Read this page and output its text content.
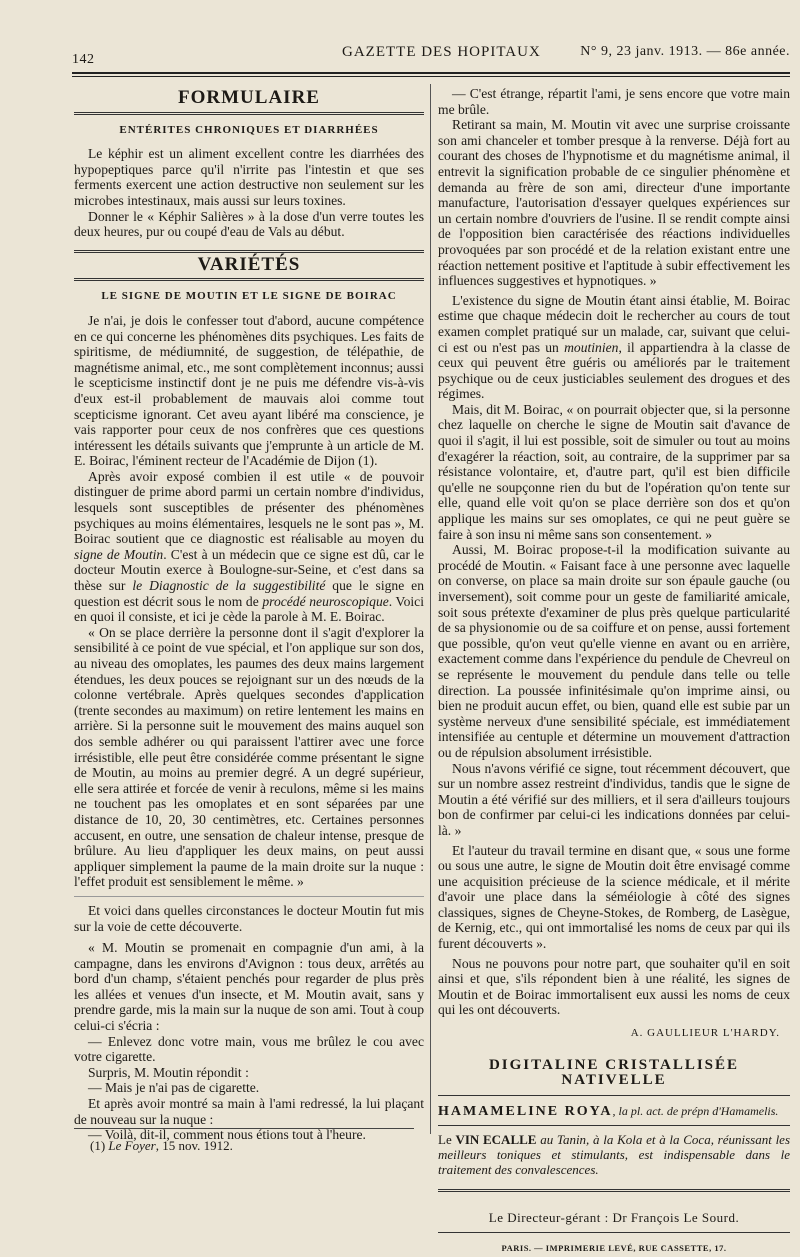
142	GAZETTE DES HOPITAUX	N° 9, 23 janv. 1913. — 86e année.
FORMULAIRE
ENTÉRITES CHRONIQUES ET DIARRHÉES

Le képhir est un aliment excellent contre les diarrhées des hypopeptiques parce qu'il n'irrite pas l'intestin et que ses ferments exercent une action destructive non seulement sur les microbes intestinaux, mais aussi sur leurs toxines.

Donner le « Képhir Salières » à la dose d'un verre toutes les deux heures, pur ou coupé d'eau de Vals au début.

VARIÉTÉS
LE SIGNE DE MOUTIN ET LE SIGNE DE BOIRAC

Je n'ai, je dois le confesser tout d'abord, aucune compétence en ce qui concerne les phénomènes dits psychiques. Les faits de spiritisme, de médiumnité, de suggestion, de télépathie, de magnétisme animal, etc., me sont complètement inconnus; aussi le scepticisme instinctif dont je ne puis me défendre vis-à-vis d'eux est-il probablement de mauvais aloi comme tout scepticisme ignorant. Cet aveu ayant libéré ma conscience, je vais rapporter pour ceux de nos confrères que ces questions intéressent les détails suivants que j'emprunte à un article de M. E. Boirac, l'éminent recteur de l'Académie de Dijon (1).

Après avoir exposé combien il est utile « de pouvoir distinguer de prime abord parmi un certain nombre d'individus, lesquels sont susceptibles de présenter des phénomènes psychiques au moins élémentaires, lesquels ne le sont pas », M. Boirac soutient que ce diagnostic est réalisable au moyen du signe de Moutin. C'est à un médecin que ce signe est dû, car le docteur Moutin exerce à Boulogne-sur-Seine, et c'est dans sa thèse sur le Diagnostic de la suggestibilité que le signe en question est décrit sous le nom de procédé neuroscopique. Voici en quoi il consiste, et ici je cède la parole à M. E. Boirac.

« On se place derrière la personne dont il s'agit d'explorer la sensibilité à ce point de vue spécial, et l'on applique sur son dos, au niveau des omoplates, les paumes des deux mains largement étendues, les deux pouces se rejoignant sur un des nœuds de la colonne vertébrale. Après quelques secondes d'application (trente secondes au maximum) on retire lentement les mains en arrière. Si la personne suit le mouvement des mains auquel son dos semble adhérer ou qui paraissent l'attirer avec une force irrésistible, elle peut être considérée comme présentant le signe de Moutin, au moins au premier degré. A un degré supérieur, elle sera attirée et forcée de venir à reculons, même si les mains ne touchent pas les omoplates et en sont séparées par une distance de 10, 20, 30 centimètres, etc. Certaines personnes accusent, en outre, une sensation de chaleur intense, presque de brûlure. Au lieu d'appliquer les deux mains, on peut aussi appliquer simplement la paume de la main droite sur la nuque : l'effet produit est sensiblement le même. »

Et voici dans quelles circonstances le docteur Moutin fut mis sur la voie de cette découverte.

« M. Moutin se promenait en compagnie d'un ami, à la campagne, dans les environs d'Avignon : tous deux, arrêtés au bord d'un champ, s'étaient penchés pour regarder de plus près les allées et venues d'un insecte, et M. Moutin avait, sans y prendre garde, mis la main sur la nuque de son ami. Tout à coup celui-ci s'écria :

— Enlevez donc votre main, vous me brûlez le cou avec votre cigarette.

Surpris, M. Moutin répondit :

— Mais je n'ai pas de cigarette.

Et après avoir montré sa main à l'ami redressé, la lui plaçant de nouveau sur la nuque :

— Voilà, dit-il, comment nous étions tout à l'heure.

(1) Le Foyer, 15 nov. 1912.

— C'est étrange, répartit l'ami, je sens encore que votre main me brûle.

Retirant sa main, M. Moutin vit avec une surprise croissante son ami chanceler et tomber presque à la renverse. Déjà fort au courant des choses de l'hypnotisme et du magnétisme animal, il entrevit la signification probable de ce singulier phénomène et demanda au frère de son ami, directeur d'une importante manufacture, l'autorisation d'essayer quelques expériences sur un certain nombre d'ouvriers de l'usine. Il se rendit compte ainsi de l'opposition bien caractérisée des réactions individuelles provoquées par son procédé et de la relation existant entre une réaction nettement positive et l'aptitude à subir effectivement les influences suggestives et hypnotiques. »

L'existence du signe de Moutin étant ainsi établie, M. Boirac estime que chaque médecin doit le rechercher au cours de tout examen complet pratiqué sur un malade, car, suivant que celui-ci est ou n'est pas un moutinien, il appartiendra à la classe de ceux qui peuvent être guéris ou améliorés par le traitement psychique ou de ceux justiciables seulement des drogues et des régimes.

Mais, dit M. Boirac, « on pourrait objecter que, si la personne chez laquelle on cherche le signe de Moutin sait d'avance de quoi il s'agit, il lui est possible, soit de simuler ou tout au moins d'exagérer la réaction, soit, au contraire, de la supprimer par sa résistance volontaire, et, d'autre part, qu'il est bien difficile qu'elle ne soupçonne rien du but de l'opération qu'on tente sur elle, quand elle voit qu'on se place derrière son dos et qu'on applique les mains sur ses omoplates, ce qui ne peut guère se faire à son insu ni même sans son consentement. »

Aussi, M. Boirac propose-t-il la modification suivante au procédé de Moutin. « Faisant face à une personne avec laquelle on converse, on place sa main droite sur son épaule gauche (ou inversement), soit comme pour un geste de familiarité amicale, soit sous prétexte d'examiner de plus près quelque particularité de sa physionomie ou de sa coiffure et on pense, aussi fortement que possible, qu'on veut qu'elle vienne en avant ou en arrière, exactement comme dans l'expérience du pendule de Chevreul on se représente le mouvement du pendule dans telle ou telle direction. La poussée infinitésimale qu'on imprime ainsi, ou bien ne produit aucun effet, ou bien, quand elle est subie par un système nerveux d'une sensibilité spéciale, est immédiatement intensifiée au centuple et détermine un mouvement d'attraction ou de répulsion absolument irrésistible.

Nous n'avons vérifié ce signe, tout récemment découvert, que sur un nombre assez restreint d'individus, tandis que le signe de Moutin a été vérifié sur des milliers, et il sera d'ailleurs toujours bon de confirmer par celui-ci les indications données par celui-là. »

Et l'auteur du travail termine en disant que, « sous une forme ou sous une autre, le signe de Moutin doit être envisagé comme une acquisition précieuse de la science médicale, et il mérite d'avoir une place dans la séméiologie à côté des signes classiques, signes de Cheyne-Stokes, de Romberg, de Lasègue, de Kernig, etc., qui ont immortalisé les noms de ceux par qui ils furent découverts ».

Nous ne pouvons pour notre part, que souhaiter qu'il en soit ainsi et que, s'ils répondent bien à une réalité, les signes de Moutin et de Boirac immortalisent eux aussi les noms de ceux qui les ont découverts.

A. GAULLIEUR L'HARDY.
DIGITALINE CRISTALLISÉE NATIVELLE
HAMAMELINE ROYA, la pl. act. de prépn d'Hamamelis.

Le VIN ECALLE au Tanin, à la Kola et à la Coca, réunissant les meilleurs toniques et stimulants, est indispensable dans le traitement des convalescences.

Le Directeur-gérant : Dr François Le Sourd.
PARIS. — IMPRIMERIE LEVÉ, RUE CASSETTE, 17.
